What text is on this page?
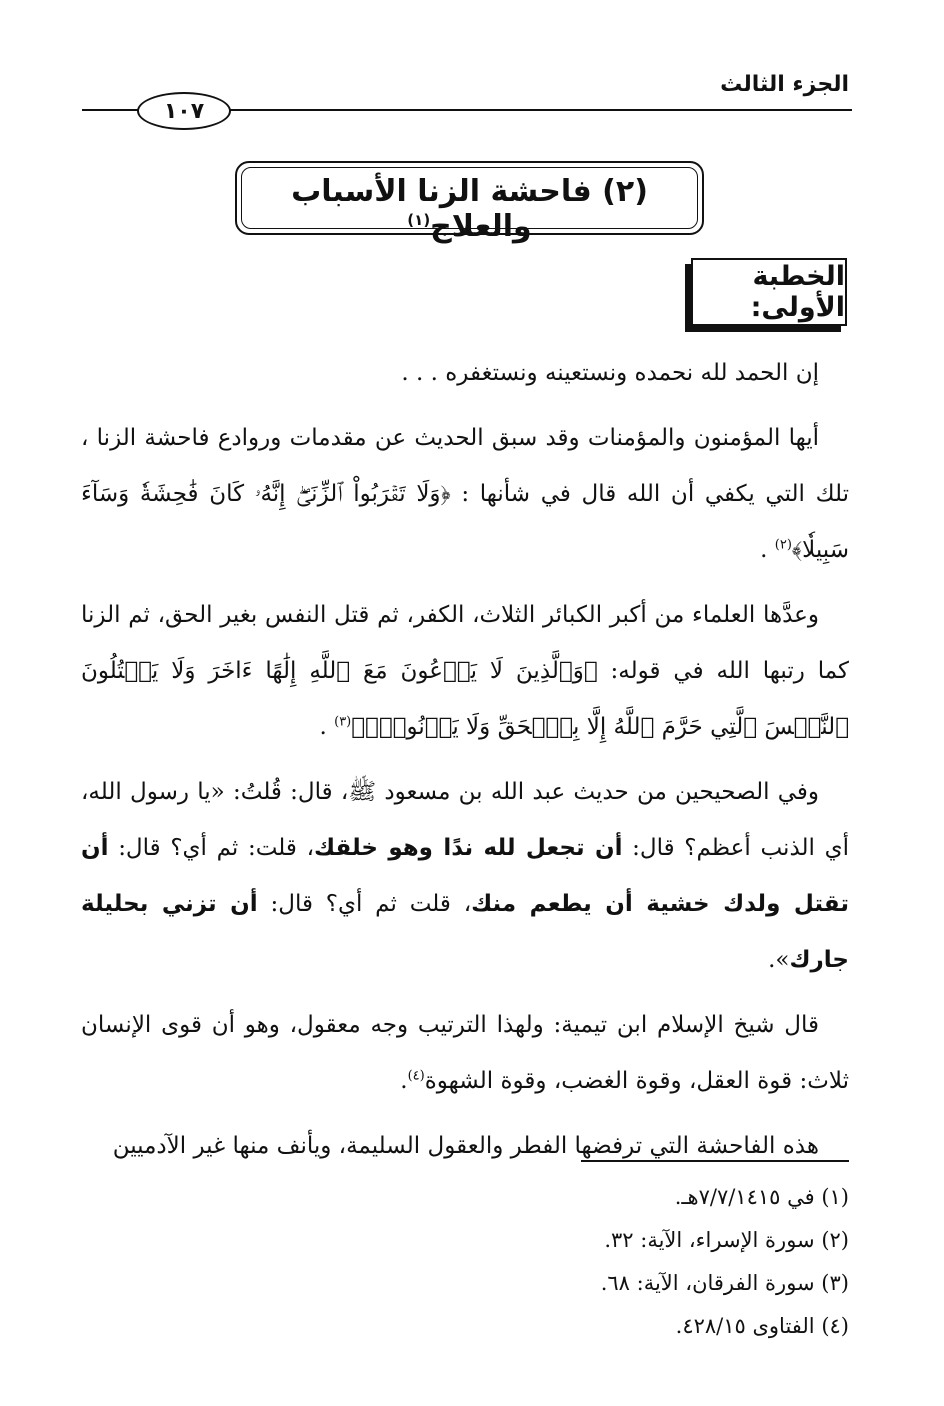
الجزء الثالث
١٠٧
(٢) فاحشة الزنا الأسباب والعلاج$^{(١)}$
الخطبة الأولى:

إن الحمد لله نحمده ونستعينه ونستغفره . . .

أيها المؤمنون والمؤمنات وقد سبق الحديث عن مقدمات وروادع فاحشة الزنا ، تلك التي يكفي أن الله قال في شأنها : ﴿وَلَا تَقۡرَبُواْ ٱلزِّنَىٰٓۖ إِنَّهُۥ كَانَ فَٰحِشَةٗ وَسَآءَ سَبِيلٗا﴾$^{(٢)}$ .

وعدَّها العلماء من أكبر الكبائر الثلاث، الكفر، ثم قتل النفس بغير الحق، ثم الزنا كما رتبها الله في قوله: ﴿وَٱلَّذِينَ لَا يَدۡعُونَ مَعَ ٱللَّهِ إِلَٰهًا ءَاخَرَ وَلَا يَقۡتُلُونَ ٱلنَّفۡسَ ٱلَّتِي حَرَّمَ ٱللَّهُ إِلَّا بِٱلۡحَقِّ وَلَا يَزۡنُونَۚ﴾$^{(٣)}$ .

وفي الصحيحين من حديث عبد الله بن مسعود ﷺ، قال: قُلتُ: «يا رسول الله، أي الذنب أعظم؟ قال: أن تجعل لله ندًا وهو خلقك، قلت: ثم أي؟ قال: أن تقتل ولدك خشية أن يطعم منك، قلت ثم أي؟ قال: أن تزني بحليلة جارك».

قال شيخ الإسلام ابن تيمية: ولهذا الترتيب وجه معقول، وهو أن قوى الإنسان ثلاث: قوة العقل، وقوة الغضب، وقوة الشهوة$^{(٤)}$.

هذه الفاحشة التي ترفضها الفطر والعقول السليمة، ويأنف منها غير الآدميين

(١) في ٧/٧/١٤١٥هـ.
(٢) سورة الإسراء، الآية: ٣٢.
(٣) سورة الفرقان، الآية: ٦٨.
(٤) الفتاوى ٤٢٨/١٥.
